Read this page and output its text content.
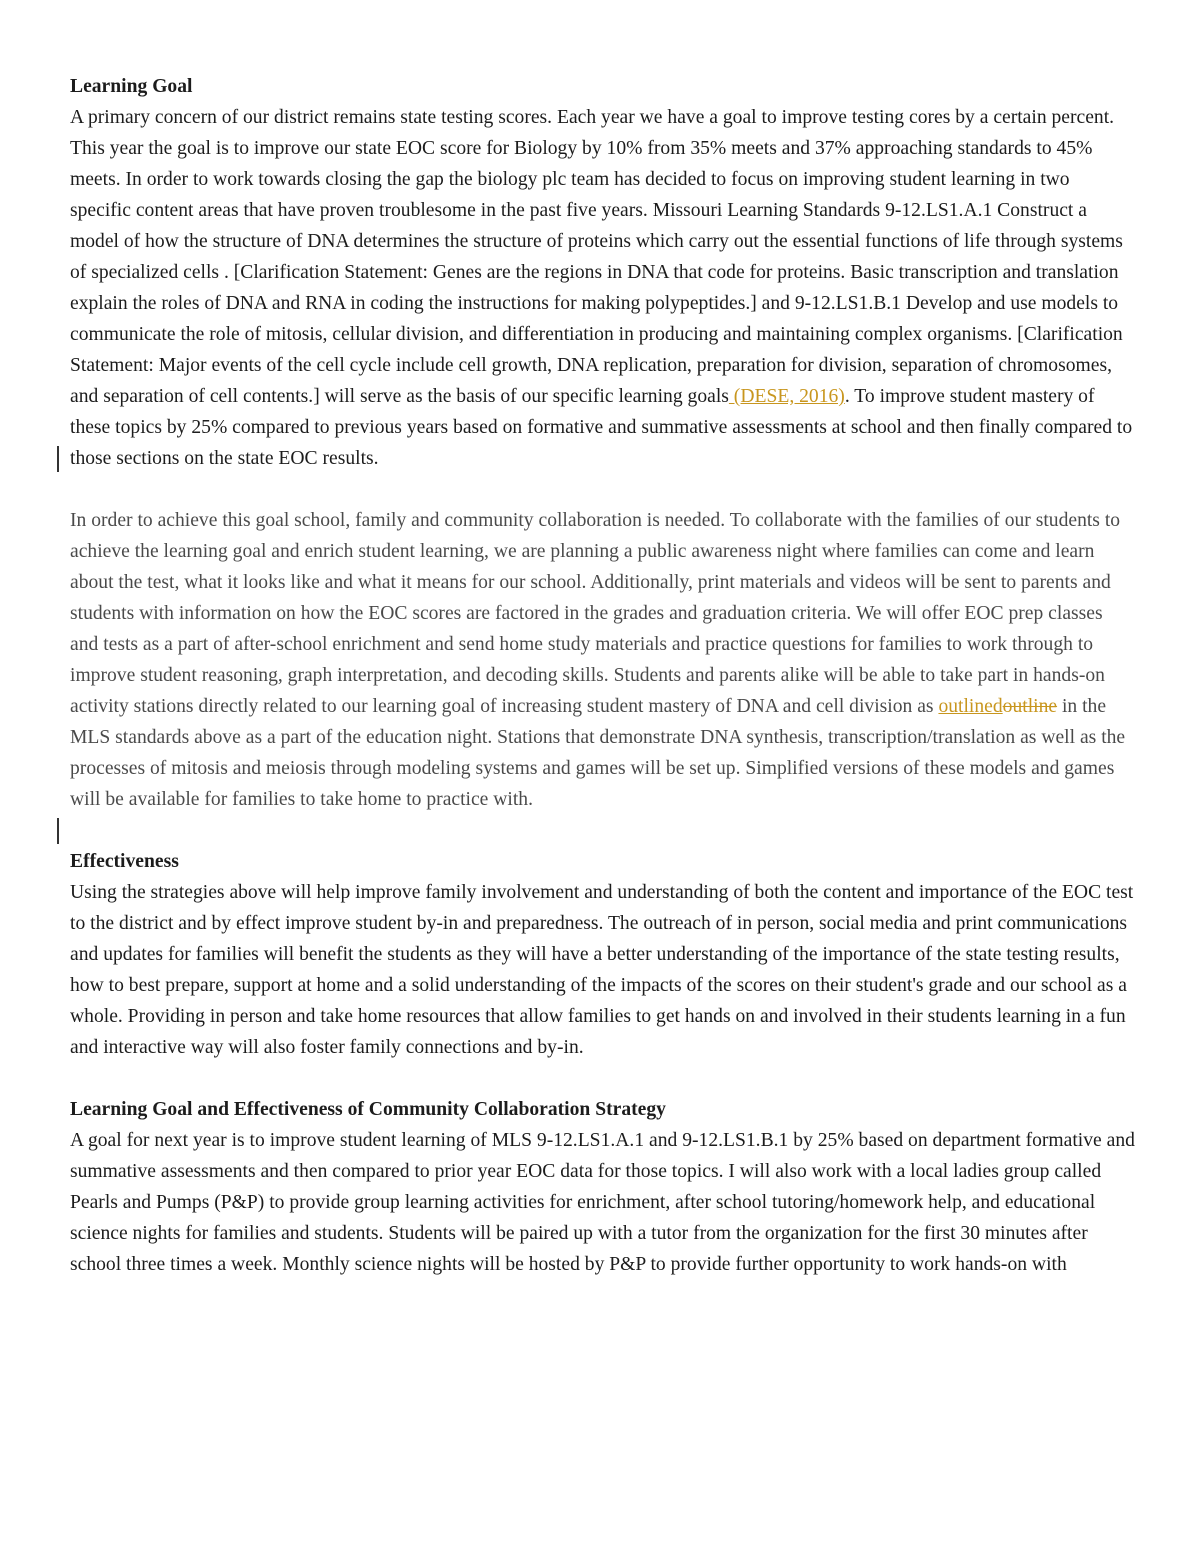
Learning Goal

A primary concern of our district remains state testing scores. Each year we have a goal to improve testing cores by a certain percent. This year the goal is to improve our state EOC score for Biology by 10% from 35% meets and 37% approaching standards to 45% meets. In order to work towards closing the gap the biology plc team has decided to focus on improving student learning in two specific content areas that have proven troublesome in the past five years. Missouri Learning Standards 9-12.LS1.A.1 Construct a model of how the structure of DNA determines the structure of proteins which carry out the essential functions of life through systems of specialized cells . [Clarification Statement: Genes are the regions in DNA that code for proteins. Basic transcription and translation explain the roles of DNA and RNA in coding the instructions for making polypeptides.] and 9-12.LS1.B.1 Develop and use models to communicate the role of mitosis, cellular division, and differentiation in producing and maintaining complex organisms. [Clarification Statement: Major events of the cell cycle include cell growth, DNA replication, preparation for division, separation of chromosomes, and separation of cell contents.] will serve as the basis of our specific learning goals (DESE, 2016). To improve student mastery of these topics by 25% compared to previous years based on formative and summative assessments at school and then finally compared to those sections on the state EOC results.

In order to achieve this goal school, family and community collaboration is needed. To collaborate with the families of our students to achieve the learning goal and enrich student learning, we are planning a public awareness night where families can come and learn about the test, what it looks like and what it means for our school. Additionally, print materials and videos will be sent to parents and students with information on how the EOC scores are factored in the grades and graduation criteria. We will offer EOC prep classes and tests as a part of after-school enrichment and send home study materials and practice questions for families to work through to improve student reasoning, graph interpretation, and decoding skills. Students and parents alike will be able to take part in hands-on activity stations directly related to our learning goal of increasing student mastery of DNA and cell division as outlinedoutline in the MLS standards above as a part of the education night. Stations that demonstrate DNA synthesis, transcription/translation as well as the processes of mitosis and meiosis through modeling systems and games will be set up. Simplified versions of these models and games will be available for families to take home to practice with.

Effectiveness

Using the strategies above will help improve family involvement and understanding of both the content and importance of the EOC test to the district and by effect improve student by-in and preparedness. The outreach of in person, social media and print communications and updates for families will benefit the students as they will have a better understanding of the importance of the state testing results, how to best prepare, support at home and a solid understanding of the impacts of the scores on their student's grade and our school as a whole. Providing in person and take home resources that allow families to get hands on and involved in their students learning in a fun and interactive way will also foster family connections and by-in.

Learning Goal and Effectiveness of Community Collaboration Strategy

A goal for next year is to improve student learning of MLS 9-12.LS1.A.1 and 9-12.LS1.B.1 by 25% based on department formative and summative assessments and then compared to prior year EOC data for those topics. I will also work with a local ladies group called Pearls and Pumps (P&P) to provide group learning activities for enrichment, after school tutoring/homework help, and educational science nights for families and students. Students will be paired up with a tutor from the organization for the first 30 minutes after school three times a week. Monthly science nights will be hosted by P&P to provide further opportunity to work hands-on with
